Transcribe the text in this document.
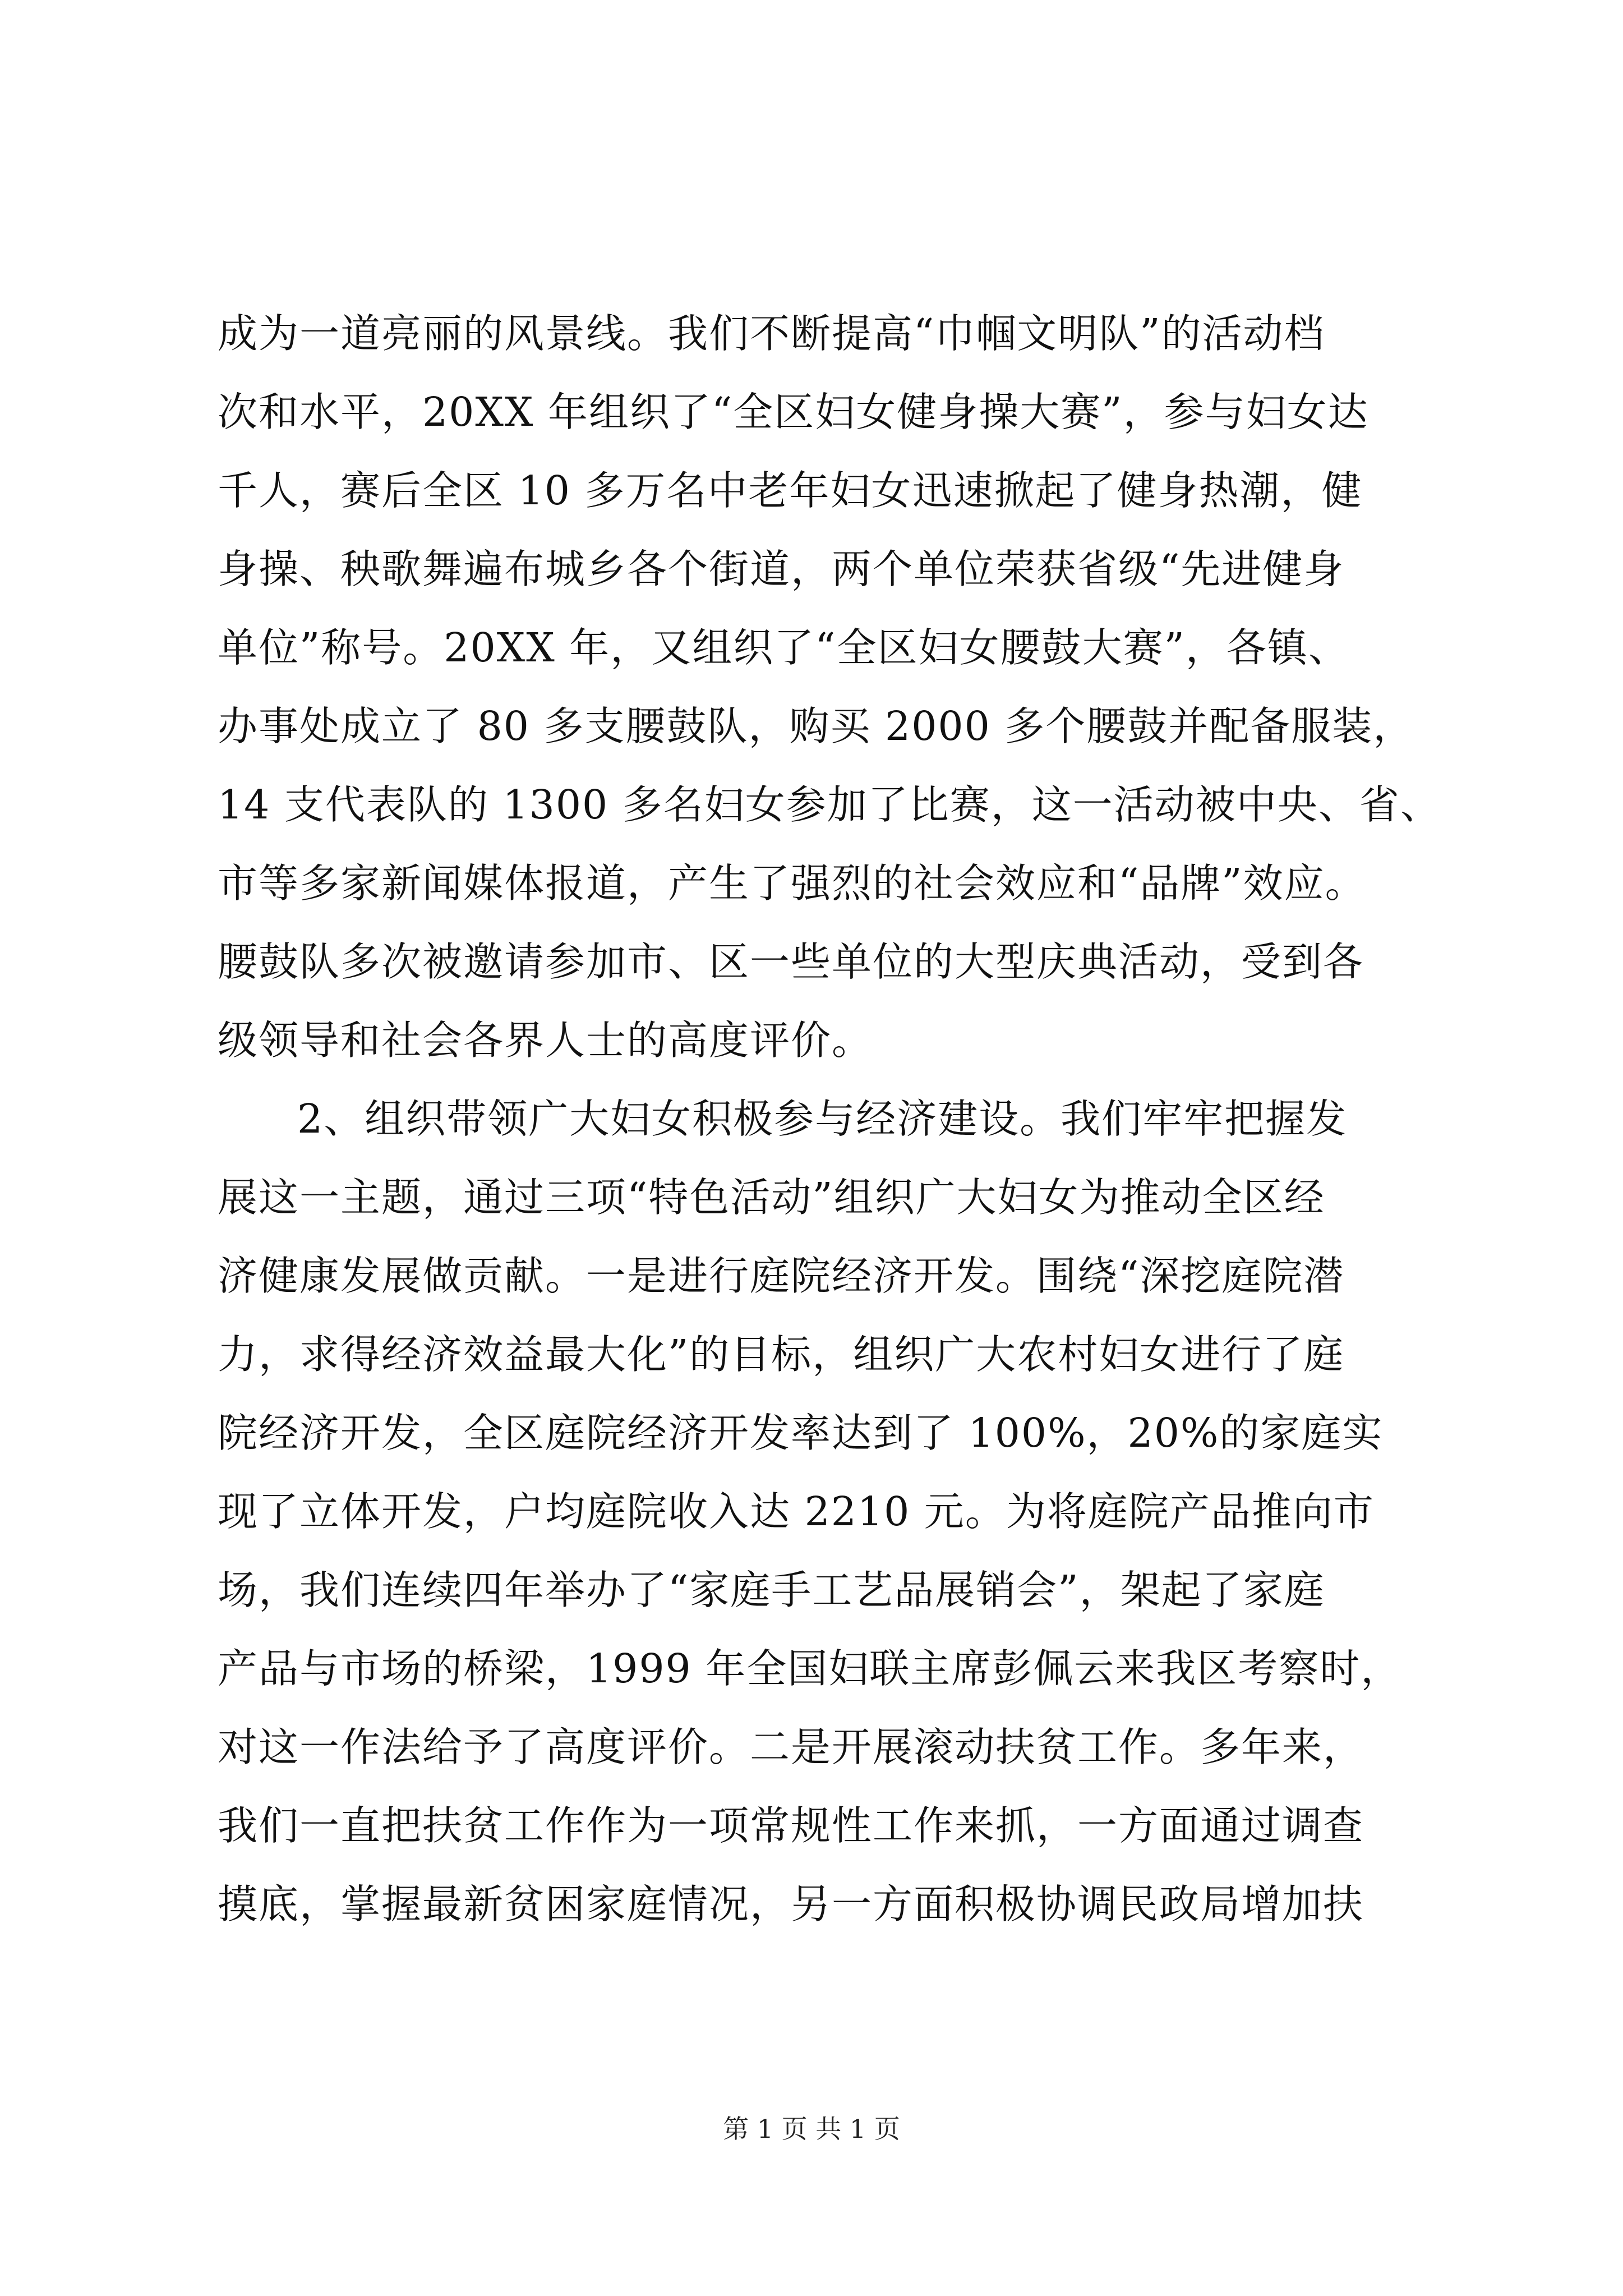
成为一道亮丽的风景线。我们不断提高“巾帼文明队”的活动档
次和水平，20XX 年组织了“全区妇女健身操大赛”，参与妇女达
千人，赛后全区 10 多万名中老年妇女迅速掀起了健身热潮，健
身操、秧歌舞遍布城乡各个街道，两个单位荣获省级“先进健身
单位”称号。20XX 年，又组织了“全区妇女腰鼓大赛”，各镇、
办事处成立了 80 多支腰鼓队，购买 2000 多个腰鼓并配备服装，
14 支代表队的 1300 多名妇女参加了比赛，这一活动被中央、省、
市等多家新闻媒体报道，产生了强烈的社会效应和“品牌”效应。
腰鼓队多次被邀请参加市、区一些单位的大型庆典活动，受到各
级领导和社会各界人士的高度评价。
2、组织带领广大妇女积极参与经济建设。我们牢牢把握发
展这一主题，通过三项“特色活动”组织广大妇女为推动全区经
济健康发展做贡献。一是进行庭院经济开发。围绕“深挖庭院潜
力，求得经济效益最大化”的目标，组织广大农村妇女进行了庭
院经济开发，全区庭院经济开发率达到了 100%，20%的家庭实
现了立体开发，户均庭院收入达 2210 元。为将庭院产品推向市
场，我们连续四年举办了“家庭手工艺品展销会”，架起了家庭
产品与市场的桥梁，1999 年全国妇联主席彭佩云来我区考察时，
对这一作法给予了高度评价。二是开展滚动扶贫工作。多年来，
我们一直把扶贫工作作为一项常规性工作来抓，一方面通过调查
摸底，掌握最新贫困家庭情况，另一方面积极协调民政局增加扶
第 1 页 共 1 页
